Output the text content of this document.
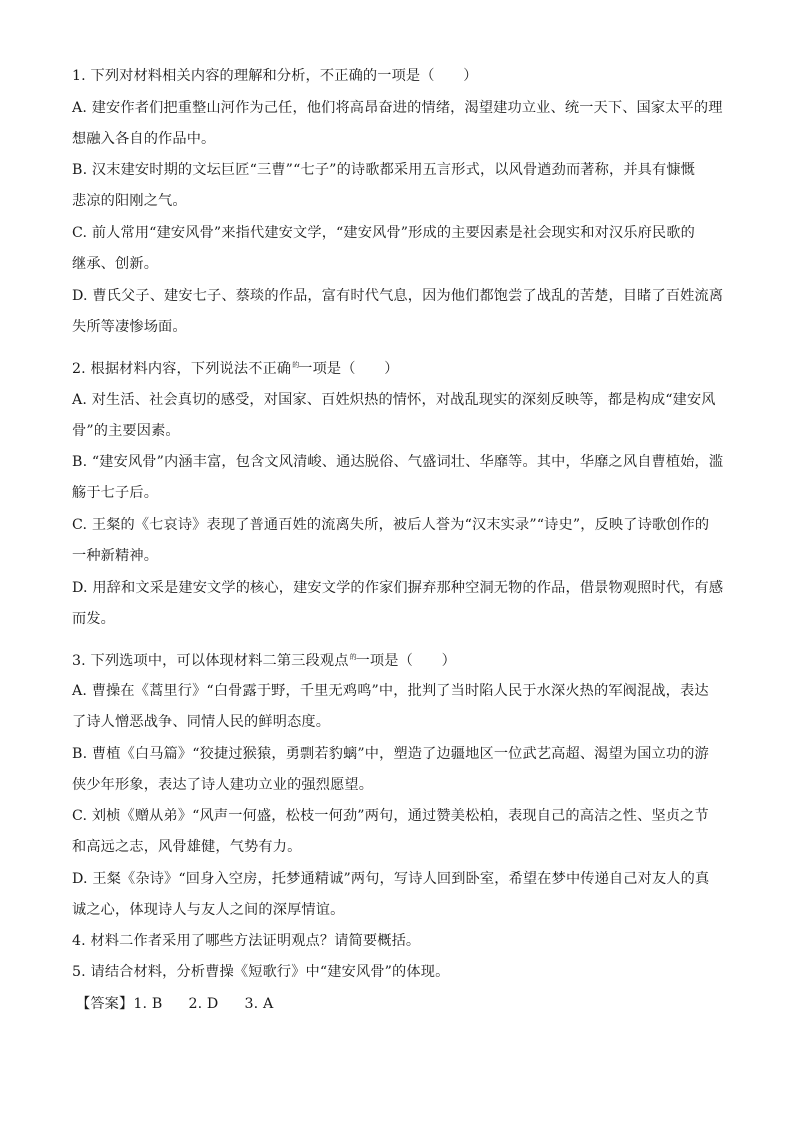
1. 下列对材料相关内容的理解和分析，不正确的一项是（　　）
A. 建安作者们把重整山河作为己任，他们将高昂奋进的情绪，渴望建功立业、统一天下、国家太平的理
想融入各自的作品中。
B. 汉末建安时期的文坛巨匠“三曹”“七子”的诗歌都采用五言形式，以风骨遒劲而著称，并具有慷慨
悲凉的阳刚之气。
C. 前人常用“建安风骨”来指代建安文学，“建安风骨”形成的主要因素是社会现实和对汉乐府民歌的
继承、创新。
D. 曹氏父子、建安七子、蔡琰的作品，富有时代气息，因为他们都饱尝了战乱的苦楚，目睹了百姓流离
失所等凄惨场面。
2. 根据材料内容，下列说法不正确$^的$一项是（　　）
A. 对生活、社会真切的感受，对国家、百姓炽热的情怀，对战乱现实的深刻反映等，都是构成“建安风
骨”的主要因素。
B. “建安风骨”内涵丰富，包含文风清峻、通达脱俗、气盛词壮、华靡等。其中，华靡之风自曹植始，滥
觞于七子后。
C. 王粲的《七哀诗》表现了普通百姓的流离失所，被后人誉为“汉末实录”“诗史”，反映了诗歌创作的
一种新精神。
D. 用辞和文采是建安文学的核心，建安文学的作家们摒弃那种空洞无物的作品，借景物观照时代，有感
而发。
3. 下列选项中，可以体现材料二第三段观点$^的$一项是（　　）
A. 曹操在《蒿里行》“白骨露于野，千里无鸡鸣”中，批判了当时陷人民于水深火热的军阀混战，表达
了诗人憎恶战争、同情人民的鲜明态度。
B. 曹植《白马篇》“狡捷过猴猿，勇剽若豹螭”中，塑造了边疆地区一位武艺高超、渴望为国立功的游
侠少年形象，表达了诗人建功立业的强烈愿望。
C. 刘桢《赠从弟》“风声一何盛，松枝一何劲”两句，通过赞美松柏，表现自己的高洁之性、坚贞之节
和高远之志，风骨雄健，气势有力。
D. 王粲《杂诗》“回身入空房，托梦通精诚”两句，写诗人回到卧室，希望在梦中传递自己对友人的真
诚之心，体现诗人与友人之间的深厚情谊。
4. 材料二作者采用了哪些方法证明观点？请简要概括。
5. 请结合材料，分析曹操《短歌行》中“建安风骨”的体现。
【答案】1. B 2. D 3. A
